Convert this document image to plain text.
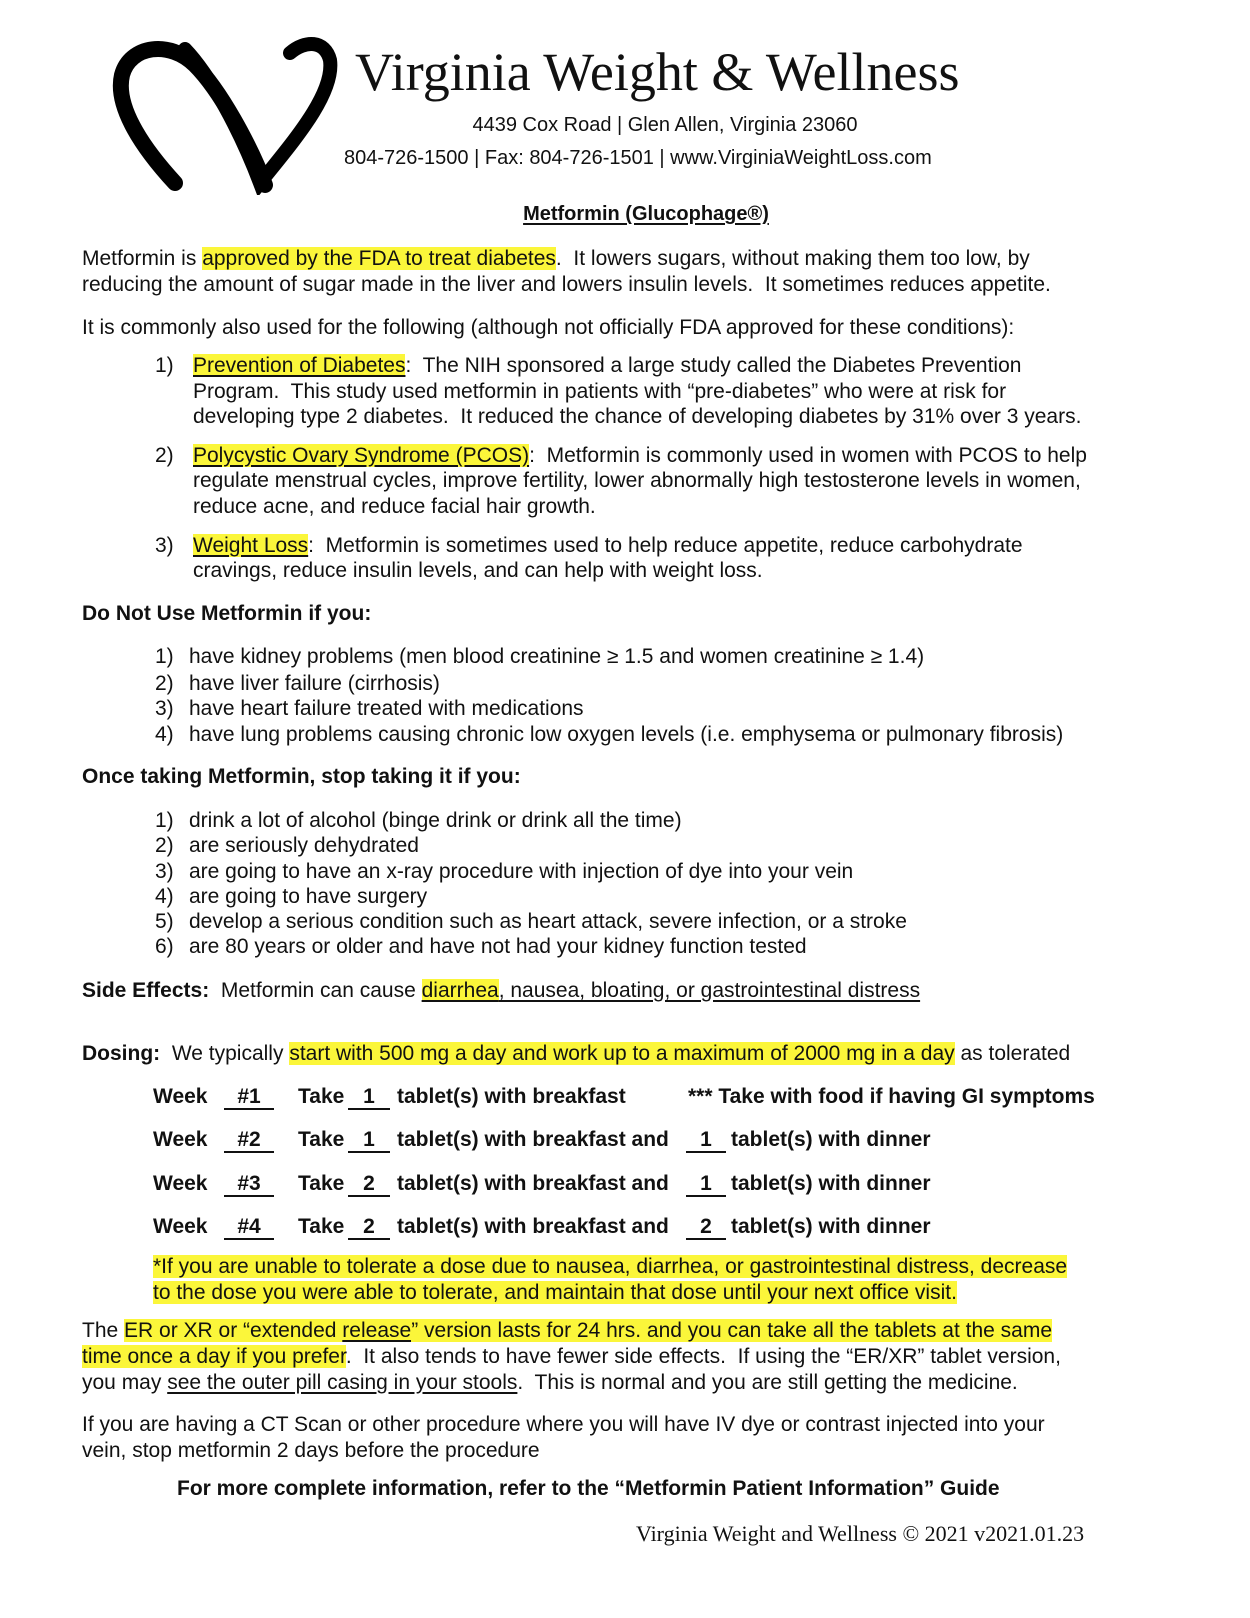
Virginia Weight & Wellness
4439 Cox Road | Glen Allen, Virginia 23060
804-726-1500 | Fax: 804-726-1501 | www.VirginiaWeightLoss.com
Metformin (Glucophage®)
Metformin is approved by the FDA to treat diabetes.  It lowers sugars, without making them too low, by
reducing the amount of sugar made in the liver and lowers insulin levels.  It sometimes reduces appetite.
It is commonly also used for the following (although not officially FDA approved for these conditions):
1) Prevention of Diabetes:  The NIH sponsored a large study called the Diabetes Prevention
Program.  This study used metformin in patients with “pre-diabetes” who were at risk for
developing type 2 diabetes.  It reduced the chance of developing diabetes by 31% over 3 years.
2) Polycystic Ovary Syndrome (PCOS):  Metformin is commonly used in women with PCOS to help
regulate menstrual cycles, improve fertility, lower abnormally high testosterone levels in women,
reduce acne, and reduce facial hair growth.
3) Weight Loss:  Metformin is sometimes used to help reduce appetite, reduce carbohydrate
cravings, reduce insulin levels, and can help with weight loss.
Do Not Use Metformin if you:
1) have kidney problems (men blood creatinine ≥ 1.5 and women creatinine ≥ 1.4)
2) have liver failure (cirrhosis)
3) have heart failure treated with medications
4) have lung problems causing chronic low oxygen levels (i.e. emphysema or pulmonary fibrosis)
Once taking Metformin, stop taking it if you:
1) drink a lot of alcohol (binge drink or drink all the time)
2) are seriously dehydrated
3) are going to have an x-ray procedure with injection of dye into your vein
4) are going to have surgery
5) develop a serious condition such as heart attack, severe infection, or a stroke
6) are 80 years or older and have not had your kidney function tested
Side Effects:  Metformin can cause diarrhea, nausea, bloating, or gastrointestinal distress
Dosing:  We typically start with 500 mg a day and work up to a maximum of 2000 mg in a day as tolerated
Week	#1	Take 1	tablet(s) with breakfast	*** Take with food if having GI symptoms
Week	#2	Take 1	tablet(s) with breakfast and	1 tablet(s) with dinner
Week	#3	Take 2	tablet(s) with breakfast and	1 tablet(s) with dinner
Week	#4	Take 2	tablet(s) with breakfast and	2 tablet(s) with dinner
*If you are unable to tolerate a dose due to nausea, diarrhea, or gastrointestinal distress, decrease
to the dose you were able to tolerate, and maintain that dose until your next office visit.
The ER or XR or “extended release” version lasts for 24 hrs. and you can take all the tablets at the same
time once a day if you prefer.  It also tends to have fewer side effects.  If using the “ER/XR” tablet version,
you may see the outer pill casing in your stools.  This is normal and you are still getting the medicine.
If you are having a CT Scan or other procedure where you will have IV dye or contrast injected into your
vein, stop metformin 2 days before the procedure
For more complete information, refer to the “Metformin Patient Information” Guide
Virginia Weight and Wellness © 2021 v2021.01.23
